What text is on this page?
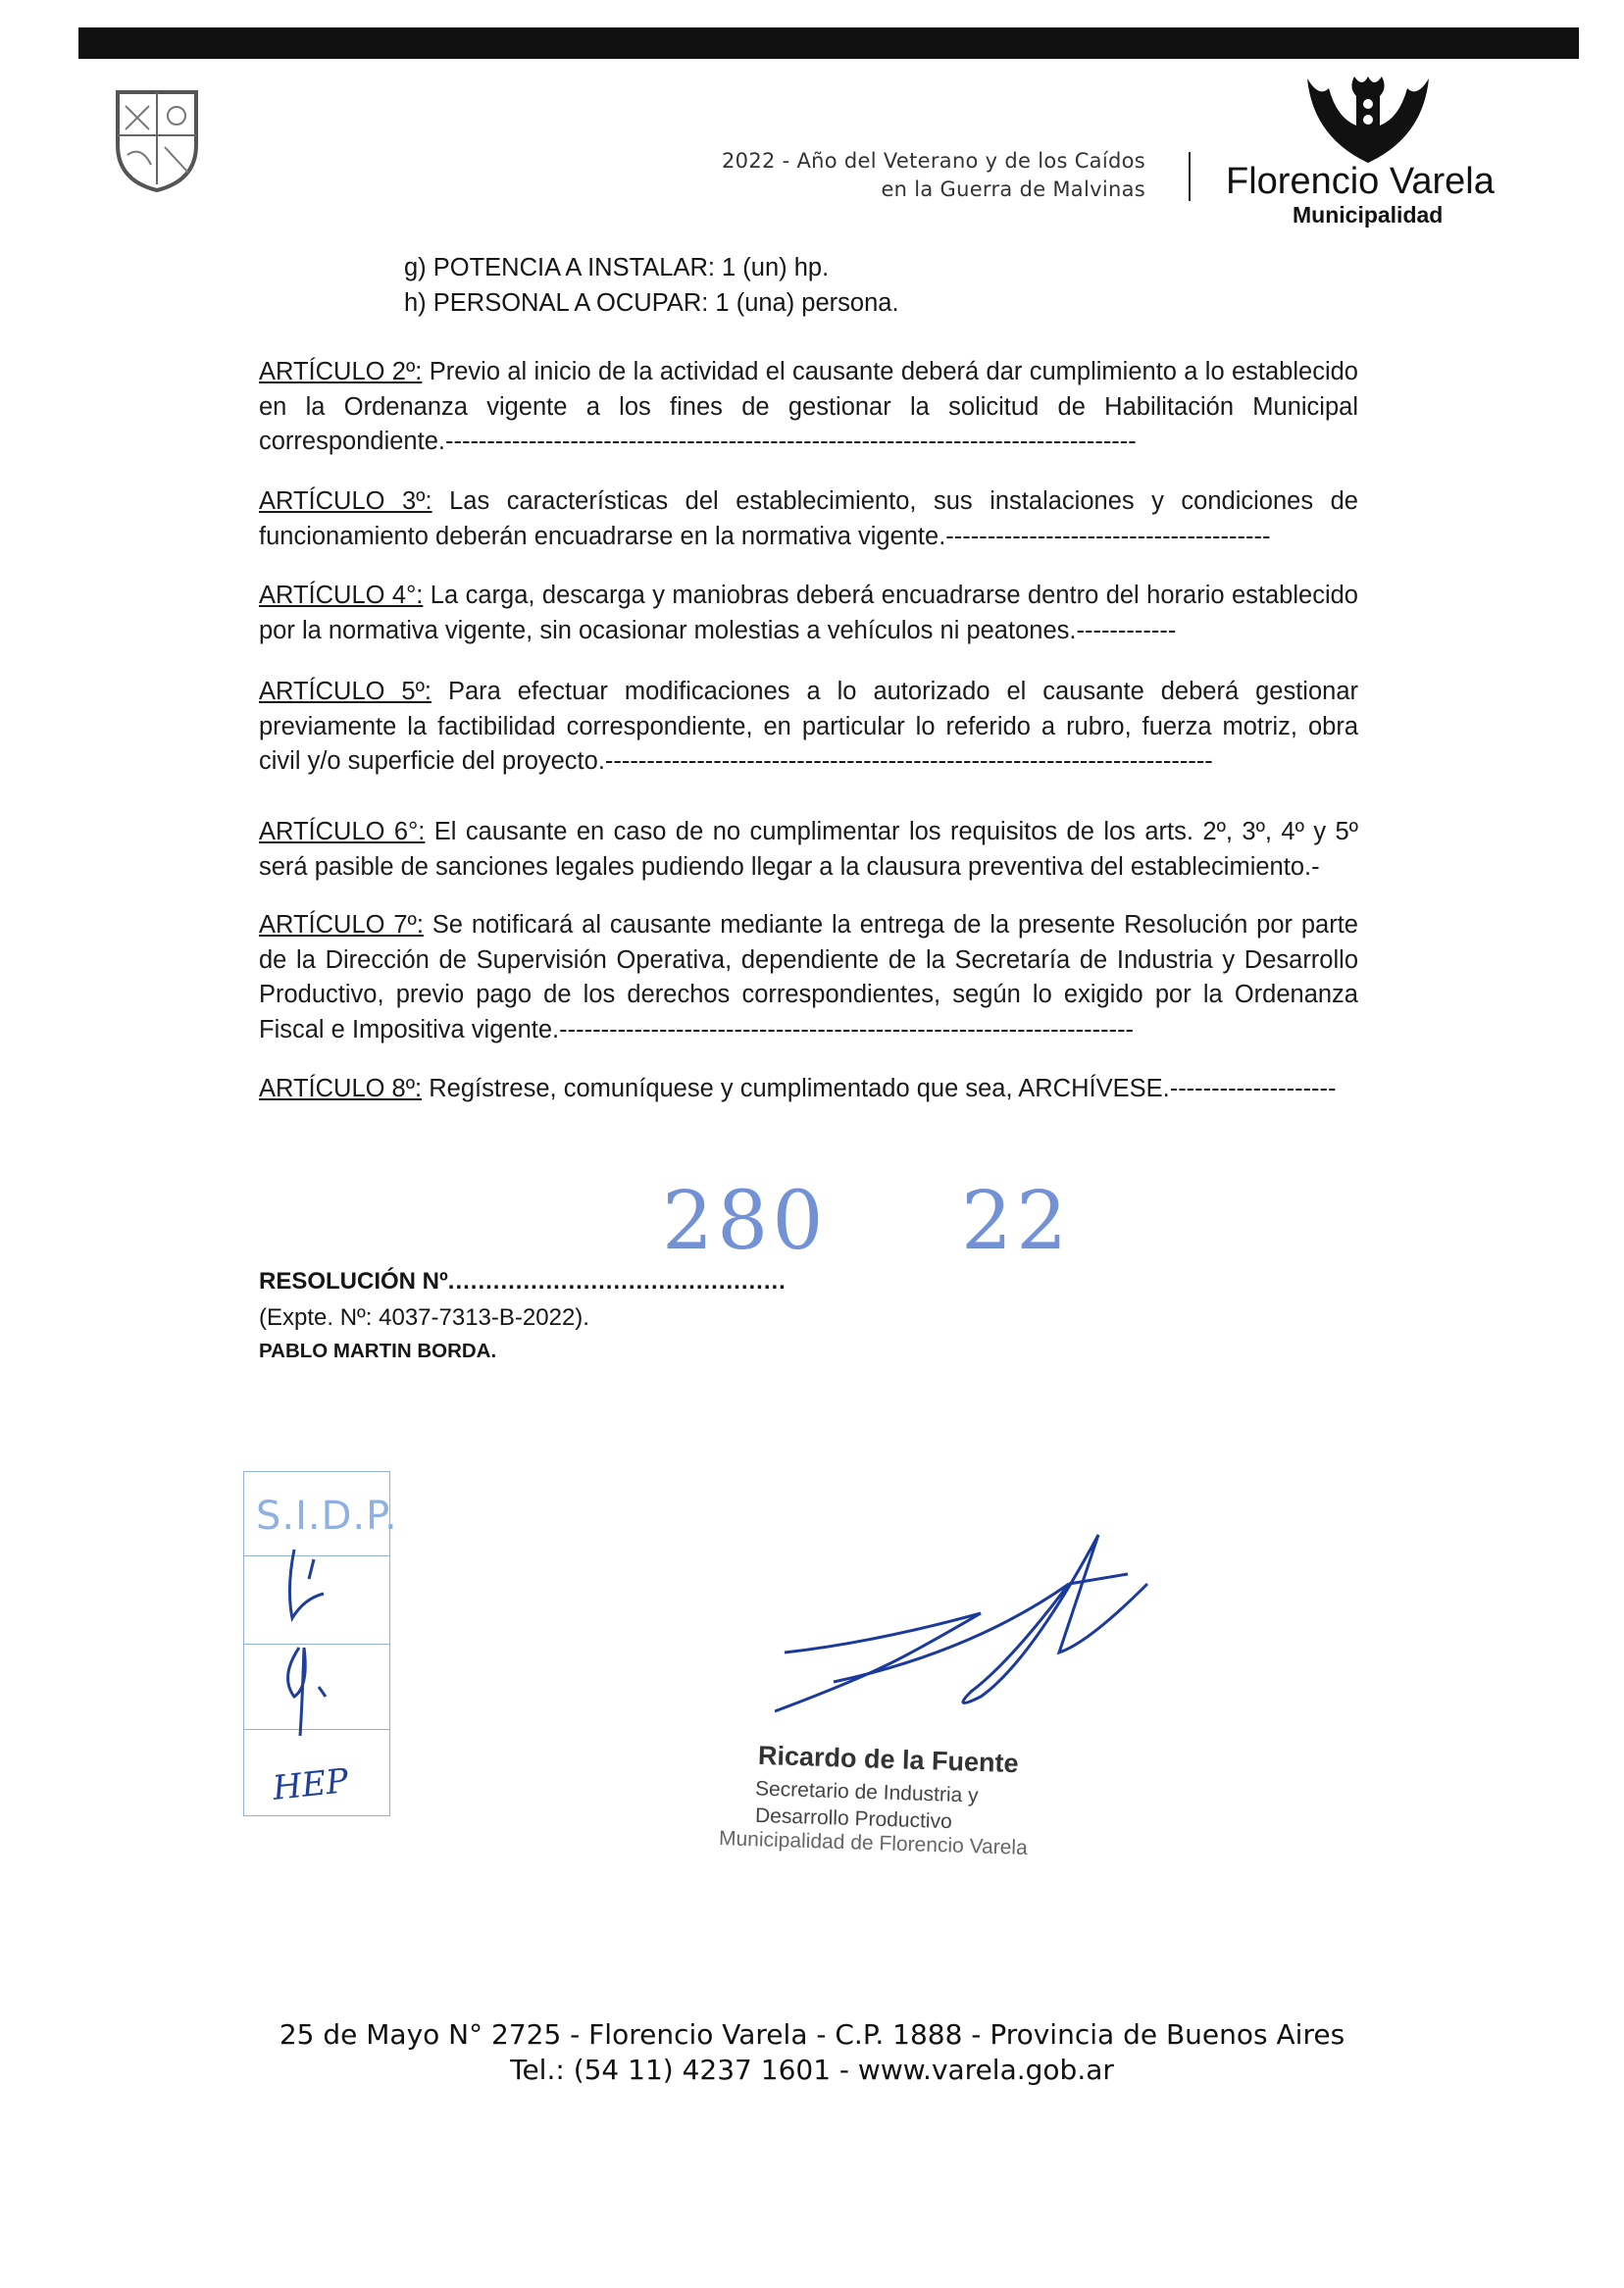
2022 - Año del Veterano y de los Caídos
en la Guerra de Malvinas Florencio Varela
Municipalidad

g) POTENCIA A INSTALAR: 1 (un) hp.

h) PERSONAL A OCUPAR: 1 (una) persona.

ARTÍCULO 2º: Previo al inicio de la actividad el causante deberá dar cumplimiento a lo establecido en la Ordenanza vigente a los fines de gestionar la solicitud de Habilitación Municipal correspondiente.-----------------------------------------------------------------------------------
ARTÍCULO 3º: Las características del establecimiento, sus instalaciones y condiciones de funcionamiento deberán encuadrarse en la normativa vigente.---------------------------------------
ARTÍCULO 4°: La carga, descarga y maniobras deberá encuadrarse dentro del horario establecido por la normativa vigente, sin ocasionar molestias a vehículos ni peatones.------------
ARTÍCULO 5º: Para efectuar modificaciones a lo autorizado el causante deberá gestionar previamente la factibilidad correspondiente, en particular lo referido a rubro, fuerza motriz, obra civil y/o superficie del proyecto.-------------------------------------------------------------------------
ARTÍCULO 6°: El causante en caso de no cumplimentar los requisitos de los arts. 2º, 3º, 4º y 5º será pasible de sanciones legales pudiendo llegar a la clausura preventiva del establecimiento.-
ARTÍCULO 7º: Se notificará al causante mediante la entrega de la presente Resolución por parte de la Dirección de Supervisión Operativa, dependiente de la Secretaría de Industria y Desarrollo Productivo, previo pago de los derechos correspondientes, según lo exigido por la Ordenanza Fiscal e Impositiva vigente.---------------------------------------------------------------------
ARTÍCULO 8º: Regístrese, comuníquese y cumplimentado que sea, ARCHÍVESE.--------------------
280 22
RESOLUCIÓN Nº.............................................
(Expte. Nº: 4037-7313-B-2022).
PABLO MARTIN BORDA.
S.I.D.P.
HEP
Ricardo de la Fuente
Secretario de Industria y
Desarrollo Productivo
Municipalidad de Florencio Varela
25 de Mayo N° 2725 - Florencio Varela - C.P. 1888 - Provincia de Buenos Aires
Tel.: (54 11) 4237 1601 - www.varela.gob.ar
